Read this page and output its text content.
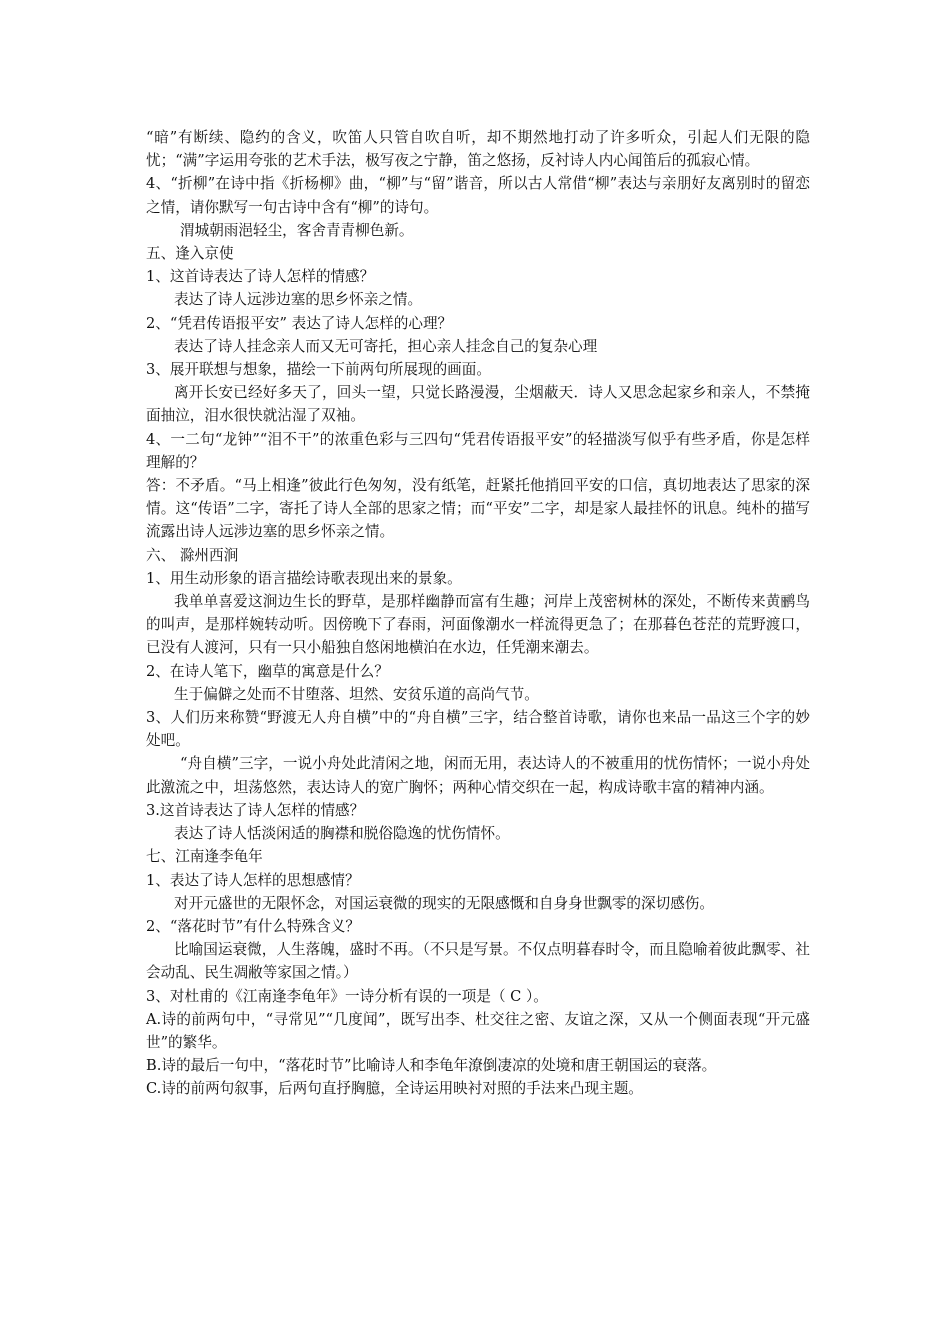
“暗”有断续、隐约的含义，吹笛人只管自吹自听，却不期然地打动了许多听众，引起人们无限的隐忧；“满”字运用夸张的艺术手法，极写夜之宁静，笛之悠扬，反衬诗人内心闻笛后的孤寂心情。

4、“折柳”在诗中指《折杨柳》曲，“柳”与“留”谐音，所以古人常借“柳”表达与亲朋好友离别时的留恋之情，请你默写一句古诗中含有“柳”的诗句。

渭城朝雨浥轻尘，客舍青青柳色新。

五、逢入京使

1、这首诗表达了诗人怎样的情感？

表达了诗人远涉边塞的思乡怀亲之情。

2、“凭君传语报平安” 表达了诗人怎样的心理？

表达了诗人挂念亲人而又无可寄托，担心亲人挂念自己的复杂心理

3、展开联想与想象，描绘一下前两句所展现的画面。

离开长安已经好多天了，回头一望，只觉长路漫漫，尘烟蔽天．诗人又思念起家乡和亲人，不禁掩面抽泣，泪水很快就沾湿了双袖。

4、一二句“龙钟”“泪不干”的浓重色彩与三四句“凭君传语报平安”的轻描淡写似乎有些矛盾，你是怎样理解的？

答：不矛盾。“马上相逢”彼此行色匆匆，没有纸笔，赶紧托他捎回平安的口信，真切地表达了思家的深情。这“传语”二字，寄托了诗人全部的思家之情；而“平安”二字，却是家人最挂怀的讯息。纯朴的描写流露出诗人远涉边塞的思乡怀亲之情。

六、 滁州西涧

1、用生动形象的语言描绘诗歌表现出来的景象。

我单单喜爱这涧边生长的野草，是那样幽静而富有生趣；河岸上茂密树林的深处，不断传来黄鹂鸟的叫声，是那样婉转动听。因傍晚下了春雨，河面像潮水一样流得更急了；在那暮色苍茫的荒野渡口，已没有人渡河，只有一只小船独自悠闲地横泊在水边，任凭潮来潮去。

2、在诗人笔下，幽草的寓意是什么？

生于偏僻之处而不甘堕落、坦然、安贫乐道的高尚气节。

3、人们历来称赞“野渡无人舟自横”中的“舟自横”三字，结合整首诗歌，请你也来品一品这三个字的妙处吧。

“舟自横”三字，一说小舟处此清闲之地，闲而无用，表达诗人的不被重用的忧伤情怀；一说小舟处此激流之中，坦荡悠然，表达诗人的宽广胸怀；两种心情交织在一起，构成诗歌丰富的精神内涵。

3.这首诗表达了诗人怎样的情感？

表达了诗人恬淡闲适的胸襟和脱俗隐逸的忧伤情怀。

七、江南逢李龟年

1、表达了诗人怎样的思想感情？

对开元盛世的无限怀念，对国运衰微的现实的无限感慨和自身身世飘零的深切感伤。

2、“落花时节”有什么特殊含义？

比喻国运衰微，人生落魄，盛时不再。（不只是写景。不仅点明暮春时令，而且隐喻着彼此飘零、社会动乱、民生凋敝等家国之情。）

3、对杜甫的《江南逢李龟年》一诗分析有误的一项是（ C ）。

A.诗的前两句中，“寻常见”“几度闻”，既写出李、杜交往之密、友谊之深，又从一个侧面表现“开元盛世”的繁华。

B.诗的最后一句中，“落花时节”比喻诗人和李龟年潦倒凄凉的处境和唐王朝国运的衰落。

C.诗的前两句叙事，后两句直抒胸臆，全诗运用映衬对照的手法来凸现主题。
